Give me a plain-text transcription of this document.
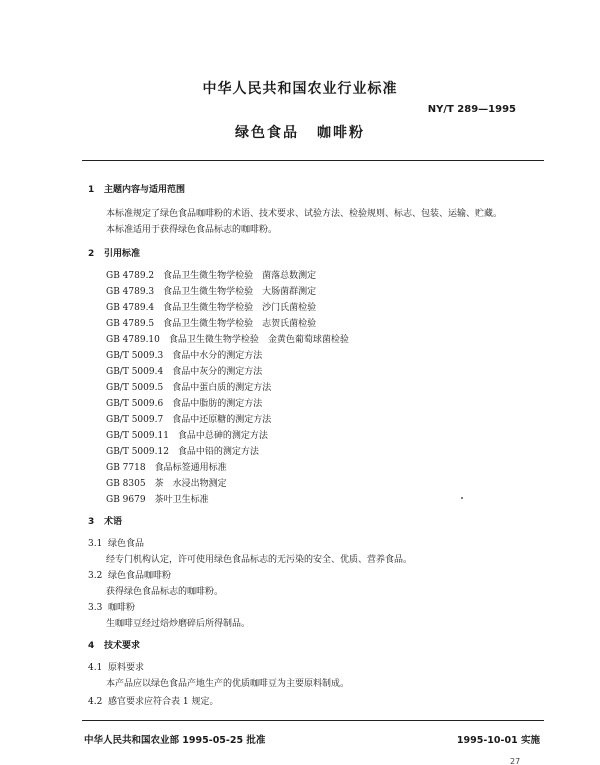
中华人民共和国农业行业标准
NY/T 289—1995
绿色食品 咖啡粉
1 主题内容与适用范围
本标准规定了绿色食品咖啡粉的术语、技术要求、试验方法、检验规则、标志、包装、运输、贮藏。
本标准适用于获得绿色食品标志的咖啡粉。
2 引用标准
GB 4789.2　食品卫生微生物学检验　菌落总数测定
GB 4789.3　食品卫生微生物学检验　大肠菌群测定
GB 4789.4　食品卫生微生物学检验　沙门氏菌检验
GB 4789.5　食品卫生微生物学检验　志贺氏菌检验
GB 4789.10　食品卫生微生物学检验　金黄色葡萄球菌检验
GB/T 5009.3　食品中水分的测定方法
GB/T 5009.4　食品中灰分的测定方法
GB/T 5009.5　食品中蛋白质的测定方法
GB/T 5009.6　食品中脂肪的测定方法
GB/T 5009.7　食品中还原糖的测定方法
GB/T 5009.11　食品中总砷的测定方法
GB/T 5009.12　食品中铅的测定方法
GB 7718　食品标签通用标准
GB 8305　茶　水浸出物测定
GB 9679　茶叶卫生标准
3 术语
3.1 绿色食品
经专门机构认定，许可使用绿色食品标志的无污染的安全、优质、营养食品。
3.2 绿色食品咖啡粉
获得绿色食品标志的咖啡粉。
3.3 咖啡粉
生咖啡豆经过焙炒磨碎后所得制品。
4 技术要求
4.1 原料要求
本产品应以绿色食品产地生产的优质咖啡豆为主要原料制成。
4.2 感官要求应符合表 1 规定。
中华人民共和国农业部 1995-05-25 批准	1995-10-01 实施
27
